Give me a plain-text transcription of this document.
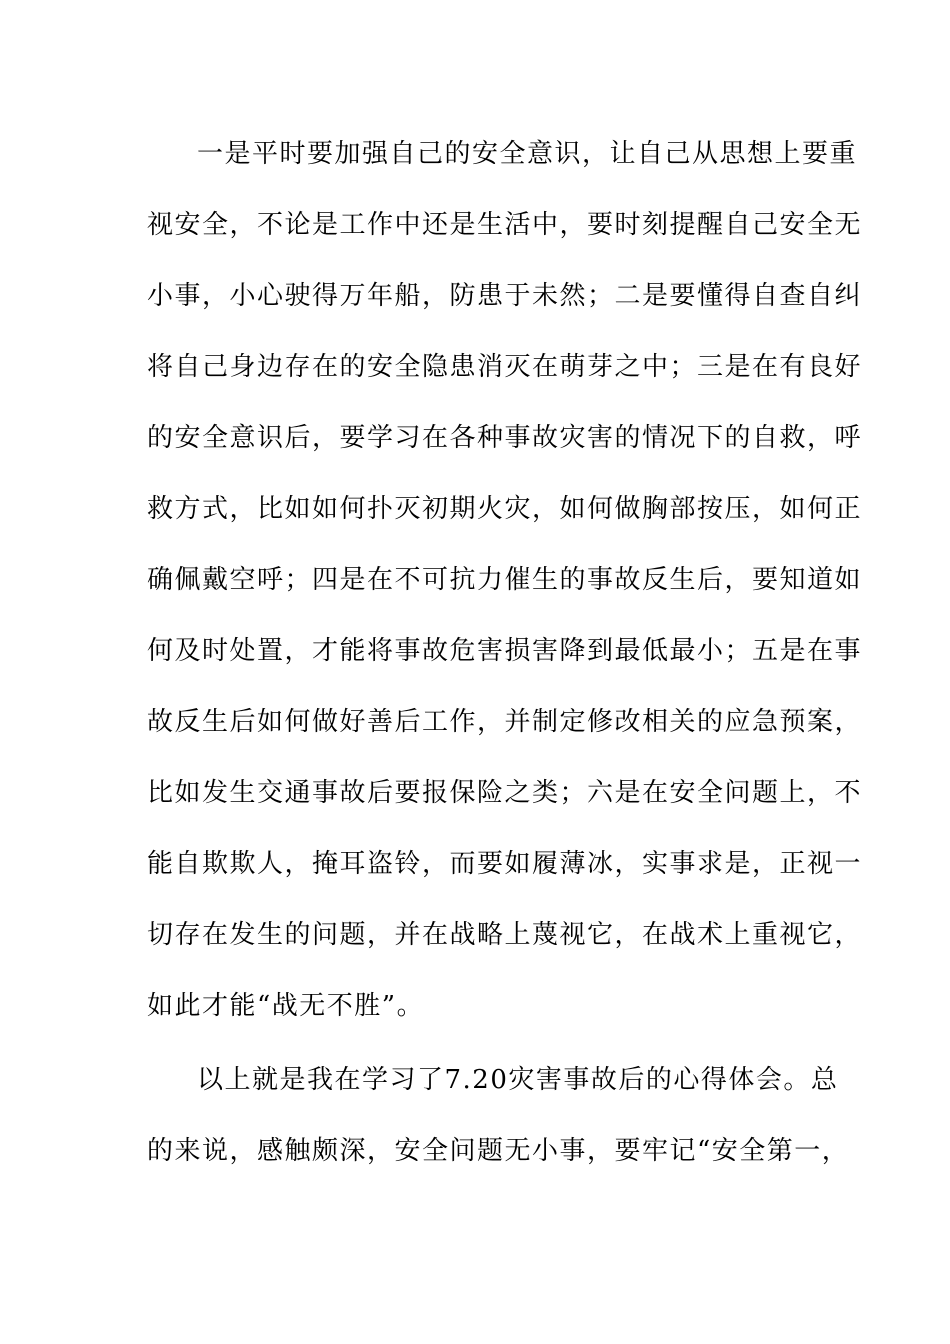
一是平时要加强自己的安全意识，让自己从思想上要重
视安全，不论是工作中还是生活中，要时刻提醒自己安全无
小事，小心驶得万年船，防患于未然；二是要懂得自查自纠
将自己身边存在的安全隐患消灭在萌芽之中；三是在有良好
的安全意识后，要学习在各种事故灾害的情况下的自救，呼
救方式，比如如何扑灭初期火灾，如何做胸部按压，如何正
确佩戴空呼；四是在不可抗力催生的事故反生后，要知道如
何及时处置，才能将事故危害损害降到最低最小；五是在事
故反生后如何做好善后工作，并制定修改相关的应急预案，
比如发生交通事故后要报保险之类；六是在安全问题上，不
能自欺欺人，掩耳盗铃，而要如履薄冰，实事求是，正视一
切存在发生的问题，并在战略上蔑视它，在战术上重视它，
如此才能“战无不胜”。
以上就是我在学习了7.20灾害事故后的心得体会。总
的来说，感触颇深，安全问题无小事，要牢记“安全第一，
